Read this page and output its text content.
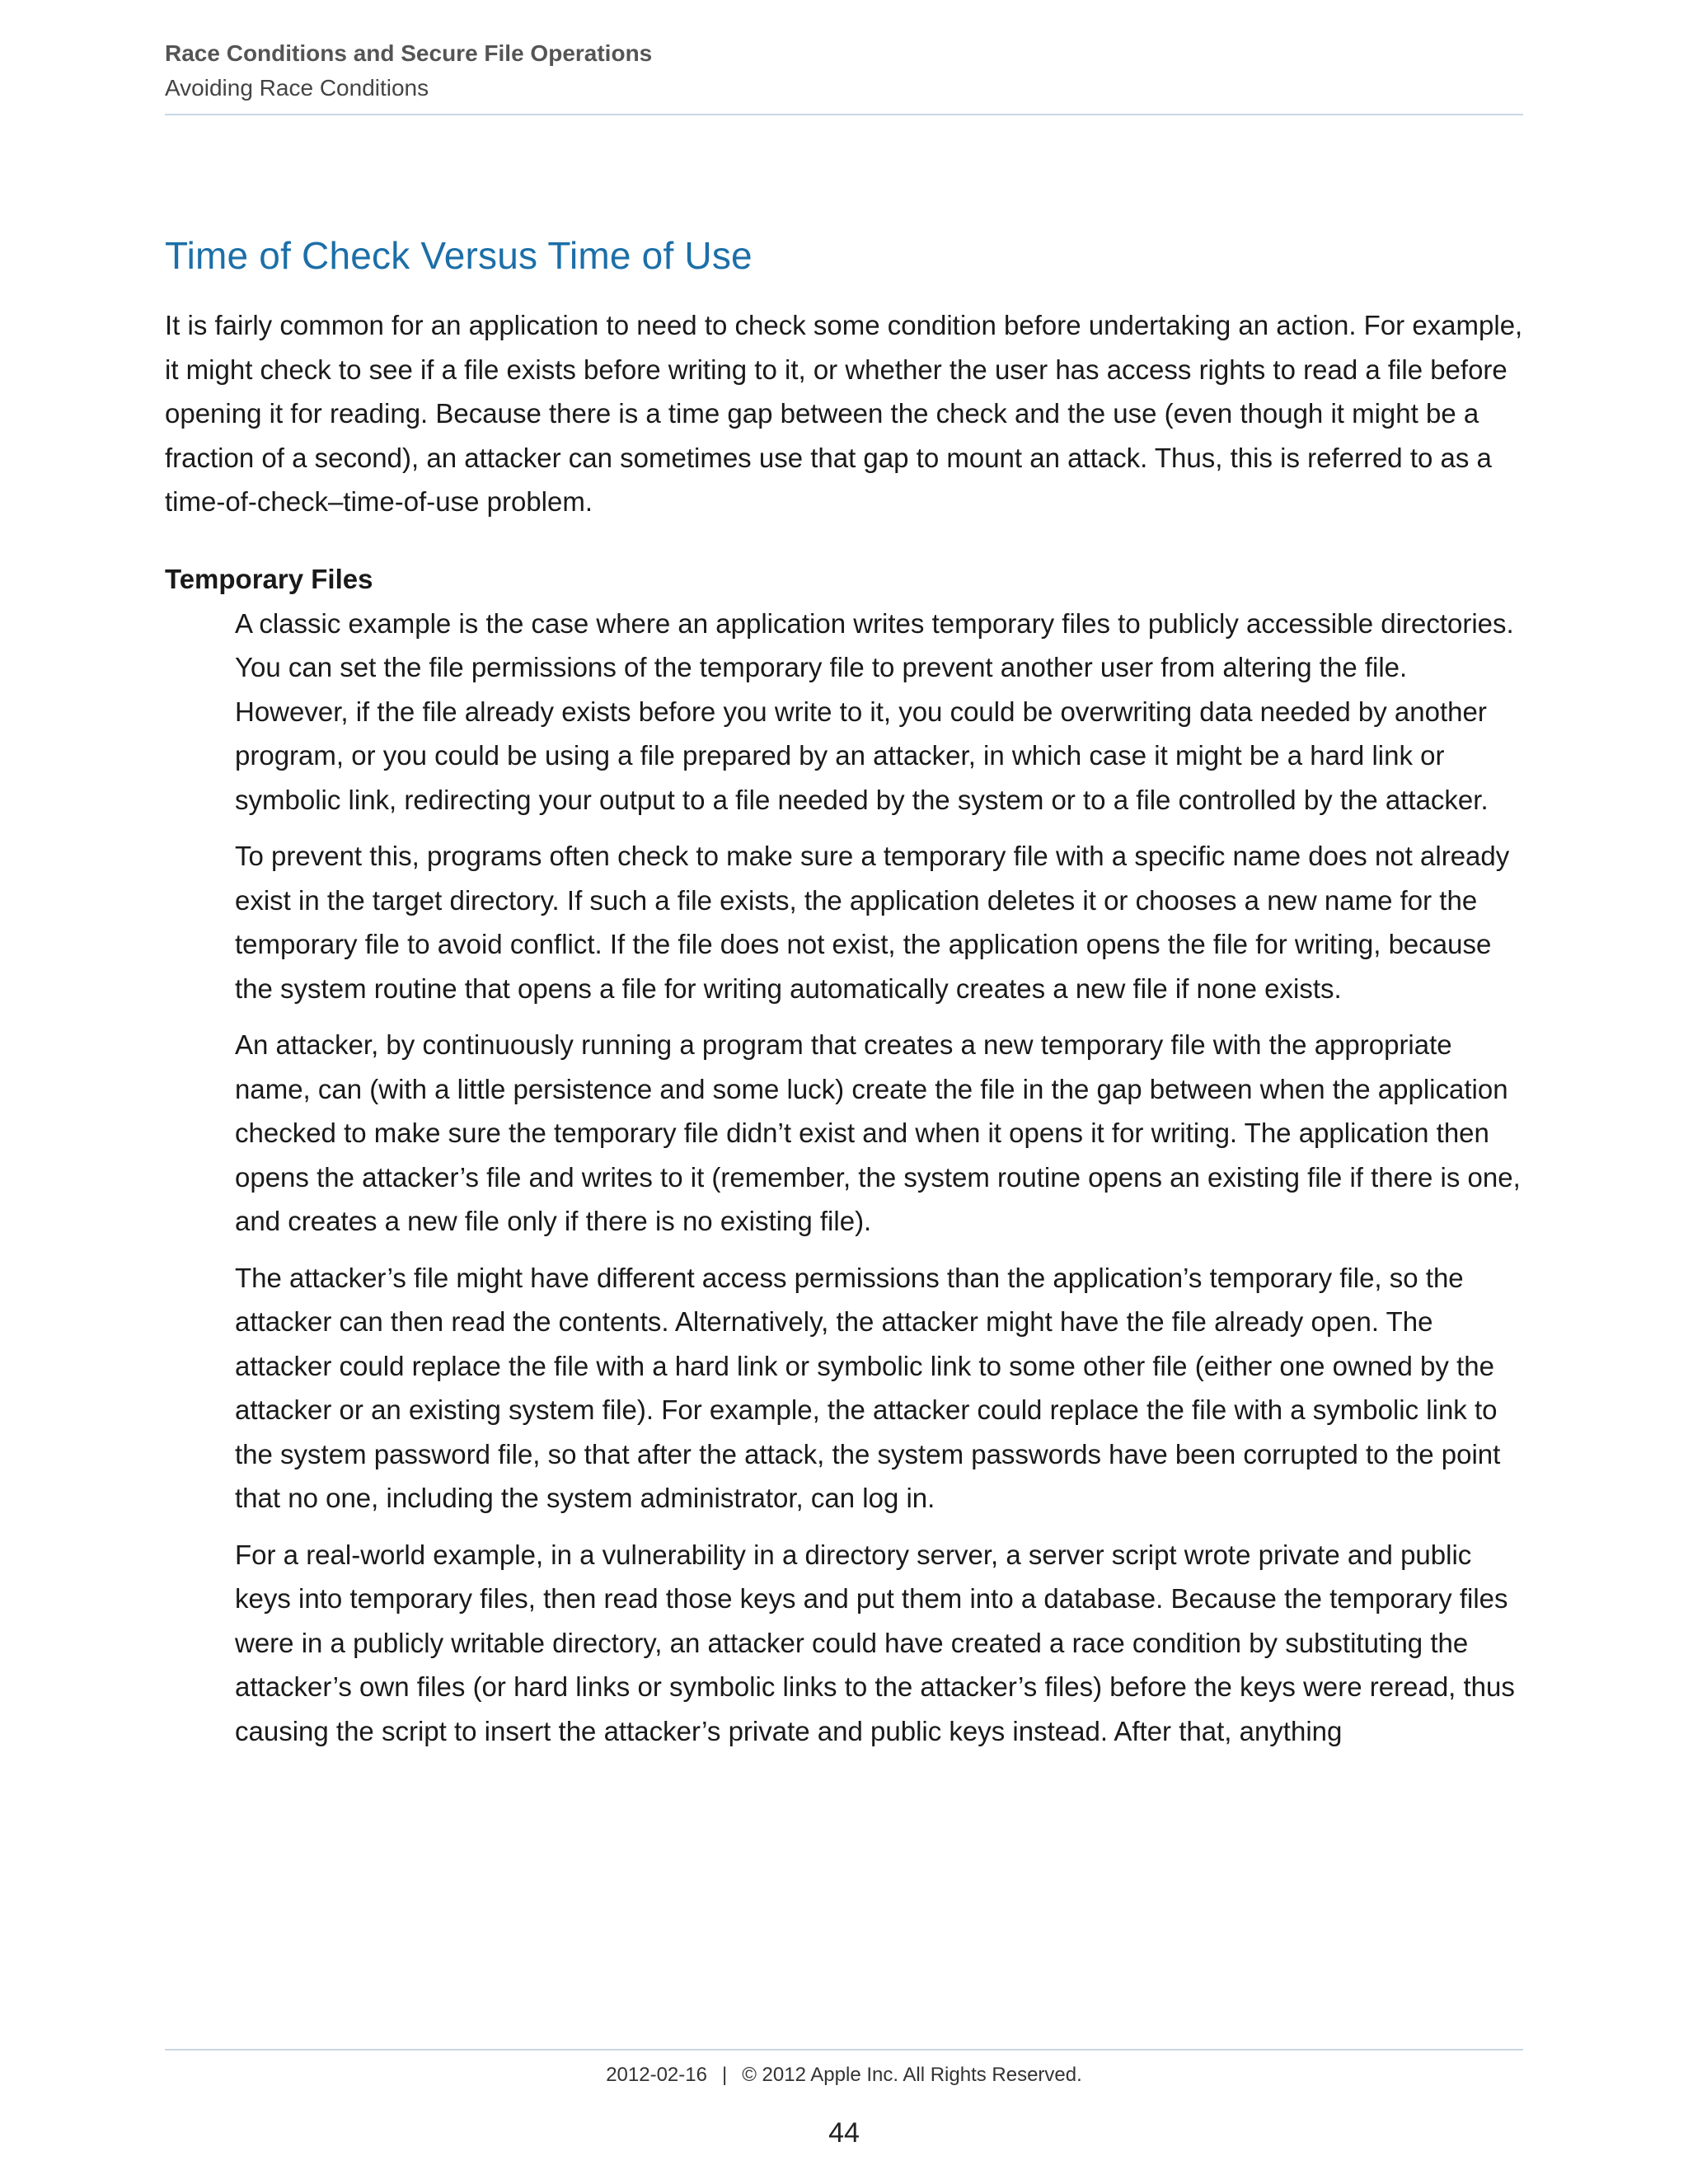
Race Conditions and Secure File Operations
Avoiding Race Conditions
Time of Check Versus Time of Use

It is fairly common for an application to need to check some condition before undertaking an action. For example, it might check to see if a file exists before writing to it, or whether the user has access rights to read a file before opening it for reading. Because there is a time gap between the check and the use (even though it might be a fraction of a second), an attacker can sometimes use that gap to mount an attack. Thus, this is referred to as a time-of-check–time-of-use problem.

Temporary Files

A classic example is the case where an application writes temporary files to publicly accessible directories. You can set the file permissions of the temporary file to prevent another user from altering the file. However, if the file already exists before you write to it, you could be overwriting data needed by another program, or you could be using a file prepared by an attacker, in which case it might be a hard link or symbolic link, redirecting your output to a file needed by the system or to a file controlled by the attacker.

To prevent this, programs often check to make sure a temporary file with a specific name does not already exist in the target directory. If such a file exists, the application deletes it or chooses a new name for the temporary file to avoid conflict. If the file does not exist, the application opens the file for writing, because the system routine that opens a file for writing automatically creates a new file if none exists.

An attacker, by continuously running a program that creates a new temporary file with the appropriate name, can (with a little persistence and some luck) create the file in the gap between when the application checked to make sure the temporary file didn’t exist and when it opens it for writing. The application then opens the attacker’s file and writes to it (remember, the system routine opens an existing file if there is one, and creates a new file only if there is no existing file).

The attacker’s file might have different access permissions than the application’s temporary file, so the attacker can then read the contents. Alternatively, the attacker might have the file already open. The attacker could replace the file with a hard link or symbolic link to some other file (either one owned by the attacker or an existing system file). For example, the attacker could replace the file with a symbolic link to the system password file, so that after the attack, the system passwords have been corrupted to the point that no one, including the system administrator, can log in.

For a real-world example, in a vulnerability in a directory server, a server script wrote private and public keys into temporary files, then read those keys and put them into a database. Because the temporary files were in a publicly writable directory, an attacker could have created a race condition by substituting the attacker’s own files (or hard links or symbolic links to the attacker’s files) before the keys were reread, thus causing the script to insert the attacker’s private and public keys instead. After that, anything

2012-02-16 | © 2012 Apple Inc. All Rights Reserved.
44
